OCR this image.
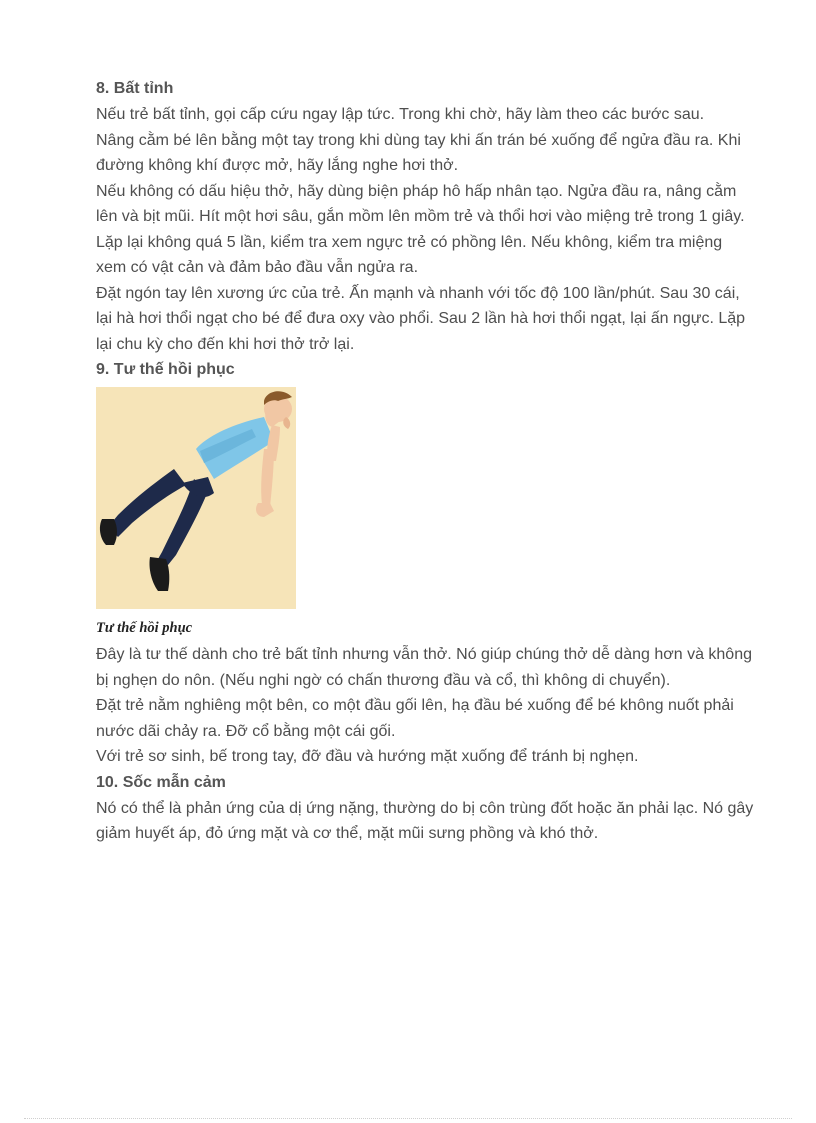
8. Bất tỉnh

Nếu trẻ bất tỉnh, gọi cấp cứu ngay lập tức. Trong khi chờ, hãy làm theo các bước sau.

Nâng cằm bé lên bằng một tay trong khi dùng tay khi ấn trán bé xuống để ngửa đầu ra. Khi đường không khí được mở, hãy lắng nghe hơi thở.

Nếu không có dấu hiệu thở, hãy dùng biện pháp hô hấp nhân tạo. Ngửa đầu ra, nâng cằm lên và bịt mũi. Hít một hơi sâu, gắn mồm lên mồm trẻ và thổi hơi vào miệng trẻ trong 1 giây. Lặp lại không quá 5 lần, kiểm tra xem ngực trẻ có phồng lên. Nếu không, kiểm tra miệng xem có vật cản và đảm bảo đầu vẫn ngửa ra.

Đặt ngón tay lên xương ức của trẻ. Ấn mạnh và nhanh với tốc độ 100 lần/phút. Sau 30 cái, lại hà hơi thổi ngạt cho bé để đưa oxy vào phổi. Sau 2 lần hà hơi thổi ngạt, lại ấn ngực. Lặp lại chu kỳ cho đến khi hơi thở trở lại.

9. Tư thế hồi phục
Tư thế hồi phục

Đây là tư thế dành cho trẻ bất tỉnh nhưng vẫn thở. Nó giúp chúng thở dễ dàng hơn và không bị nghẹn do nôn. (Nếu nghi ngờ có chấn thương đầu và cổ, thì không di chuyển).

Đặt trẻ nằm nghiêng một bên, co một đầu gối lên, hạ đầu bé xuống để bé không nuốt phải nước dãi chảy ra. Đỡ cổ bằng một cái gối.

Với trẻ sơ sinh, bế trong tay, đỡ đầu và hướng mặt xuống để tránh bị nghẹn.

10. Sốc mẫn cảm

Nó có thể là phản ứng của dị ứng nặng, thường do bị côn trùng đốt hoặc ăn phải lạc. Nó gây giảm huyết áp, đỏ ứng mặt và cơ thể, mặt mũi sưng phồng và khó thở.
